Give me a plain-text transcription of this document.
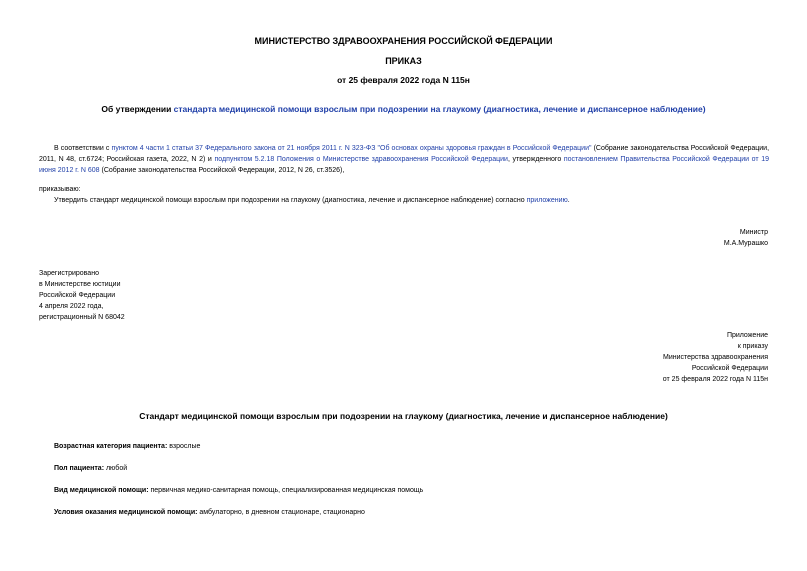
МИНИСТЕРСТВО ЗДРАВООХРАНЕНИЯ РОССИЙСКОЙ ФЕДЕРАЦИИ
ПРИКАЗ
от 25 февраля 2022 года N 115н
Об утверждении стандарта медицинской помощи взрослым при подозрении на глаукому (диагностика, лечение и диспансерное наблюдение)
В соответствии с пунктом 4 части 1 статьи 37 Федерального закона от 21 ноября 2011 г. N 323-ФЗ "Об основах охраны здоровья граждан в Российской Федерации" (Собрание законодательства Российской Федерации, 2011, N 48, ст.6724; Российская газета, 2022, N 2) и подпунктом 5.2.18 Положения о Министерстве здравоохранения Российской Федерации, утвержденного постановлением Правительства Российской Федерации от 19 июня 2012 г. N 608 (Собрание законодательства Российской Федерации, 2012, N 26, ст.3526),
приказываю:
Утвердить стандарт медицинской помощи взрослым при подозрении на глаукому (диагностика, лечение и диспансерное наблюдение) согласно приложению.
Министр
М.А.Мурашко
Зарегистрировано
в Министерстве юстиции
Российской Федерации
4 апреля 2022 года,
регистрационный N 68042
Приложение
к приказу
Министерства здравоохранения
Российской Федерации
от 25 февраля 2022 года N 115н
Стандарт медицинской помощи взрослым при подозрении на глаукому (диагностика, лечение и диспансерное наблюдение)
Возрастная категория пациента: взрослые
Пол пациента: любой
Вид медицинской помощи: первичная медико-санитарная помощь, специализированная медицинская помощь
Условия оказания медицинской помощи: амбулаторно, в дневном стационаре, стационарно
